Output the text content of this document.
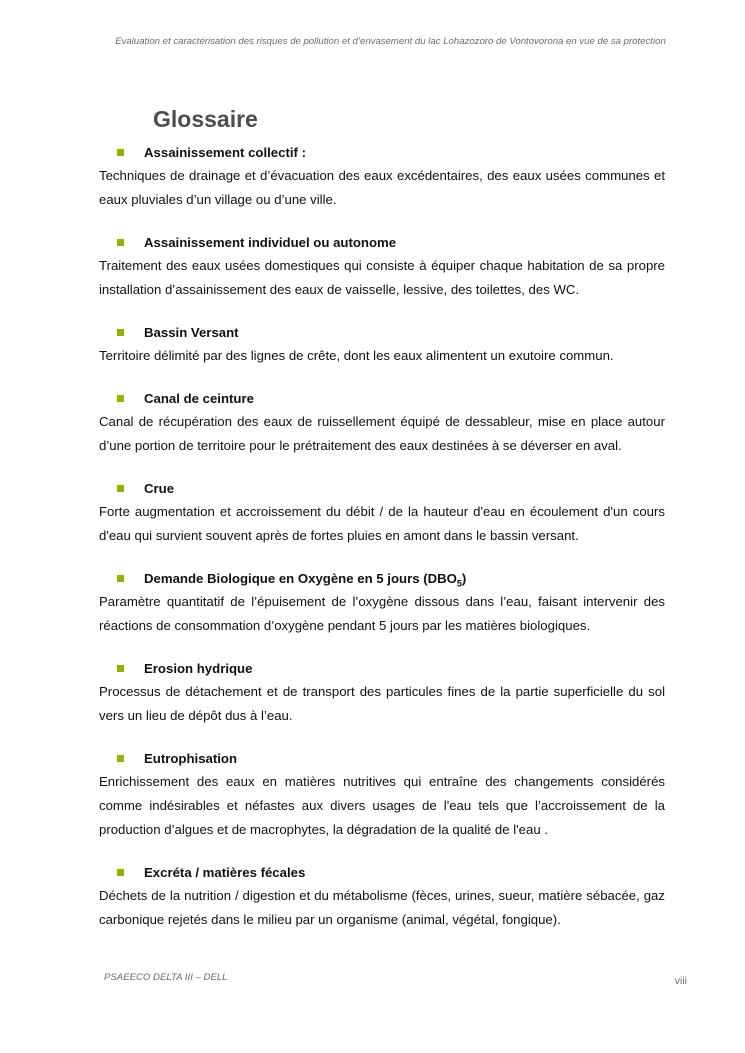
Evaluation et caractérisation des risques de pollution et d’envasement du lac Lohazozoro de Vontovorona en vue de sa protection
Glossaire
Assainissement collectif :

Techniques de drainage et d’évacuation des eaux excédentaires, des eaux usées communes et eaux pluviales d’un village ou d’une ville.

Assainissement individuel ou autonome

Traitement des eaux usées domestiques qui consiste à équiper chaque habitation de sa propre installation d’assainissement des eaux de vaisselle, lessive, des toilettes, des WC.

Bassin Versant

Territoire délimité par des lignes de crête, dont les eaux alimentent un exutoire commun.

Canal de ceinture

Canal de récupération des eaux de ruissellement équipé de dessableur, mise en place autour d’une portion de territoire pour le prétraitement des eaux destinées à se déverser en aval.

Crue

Forte augmentation et accroissement du débit / de la hauteur d'eau en écoulement d'un cours d'eau qui survient souvent après de fortes pluies en amont dans le bassin versant.

Demande Biologique en Oxygène en 5 jours $(DBO_5)$

Paramètre quantitatif de l’épuisement de l’oxygène dissous dans l’eau, faisant intervenir des réactions de consommation d’oxygène pendant 5 jours par les matières biologiques.

Erosion hydrique

Processus de détachement et de transport des particules fines de la partie superficielle du sol vers un lieu de dépôt dus à l’eau.

Eutrophisation

Enrichissement des eaux en matières nutritives qui entraîne des changements considérés comme indésirables et néfastes aux divers usages de l'eau tels que l’accroissement de la production d’algues et de macrophytes, la dégradation de la qualité de l'eau .

Excréta / matières fécales

Déchets de la nutrition / digestion et du métabolisme (fèces, urines, sueur, matière sébacée, gaz carbonique rejetés dans le milieu par un organisme (animal, végétal, fongique).

PSAEECO DELTA III – DELL	viii
